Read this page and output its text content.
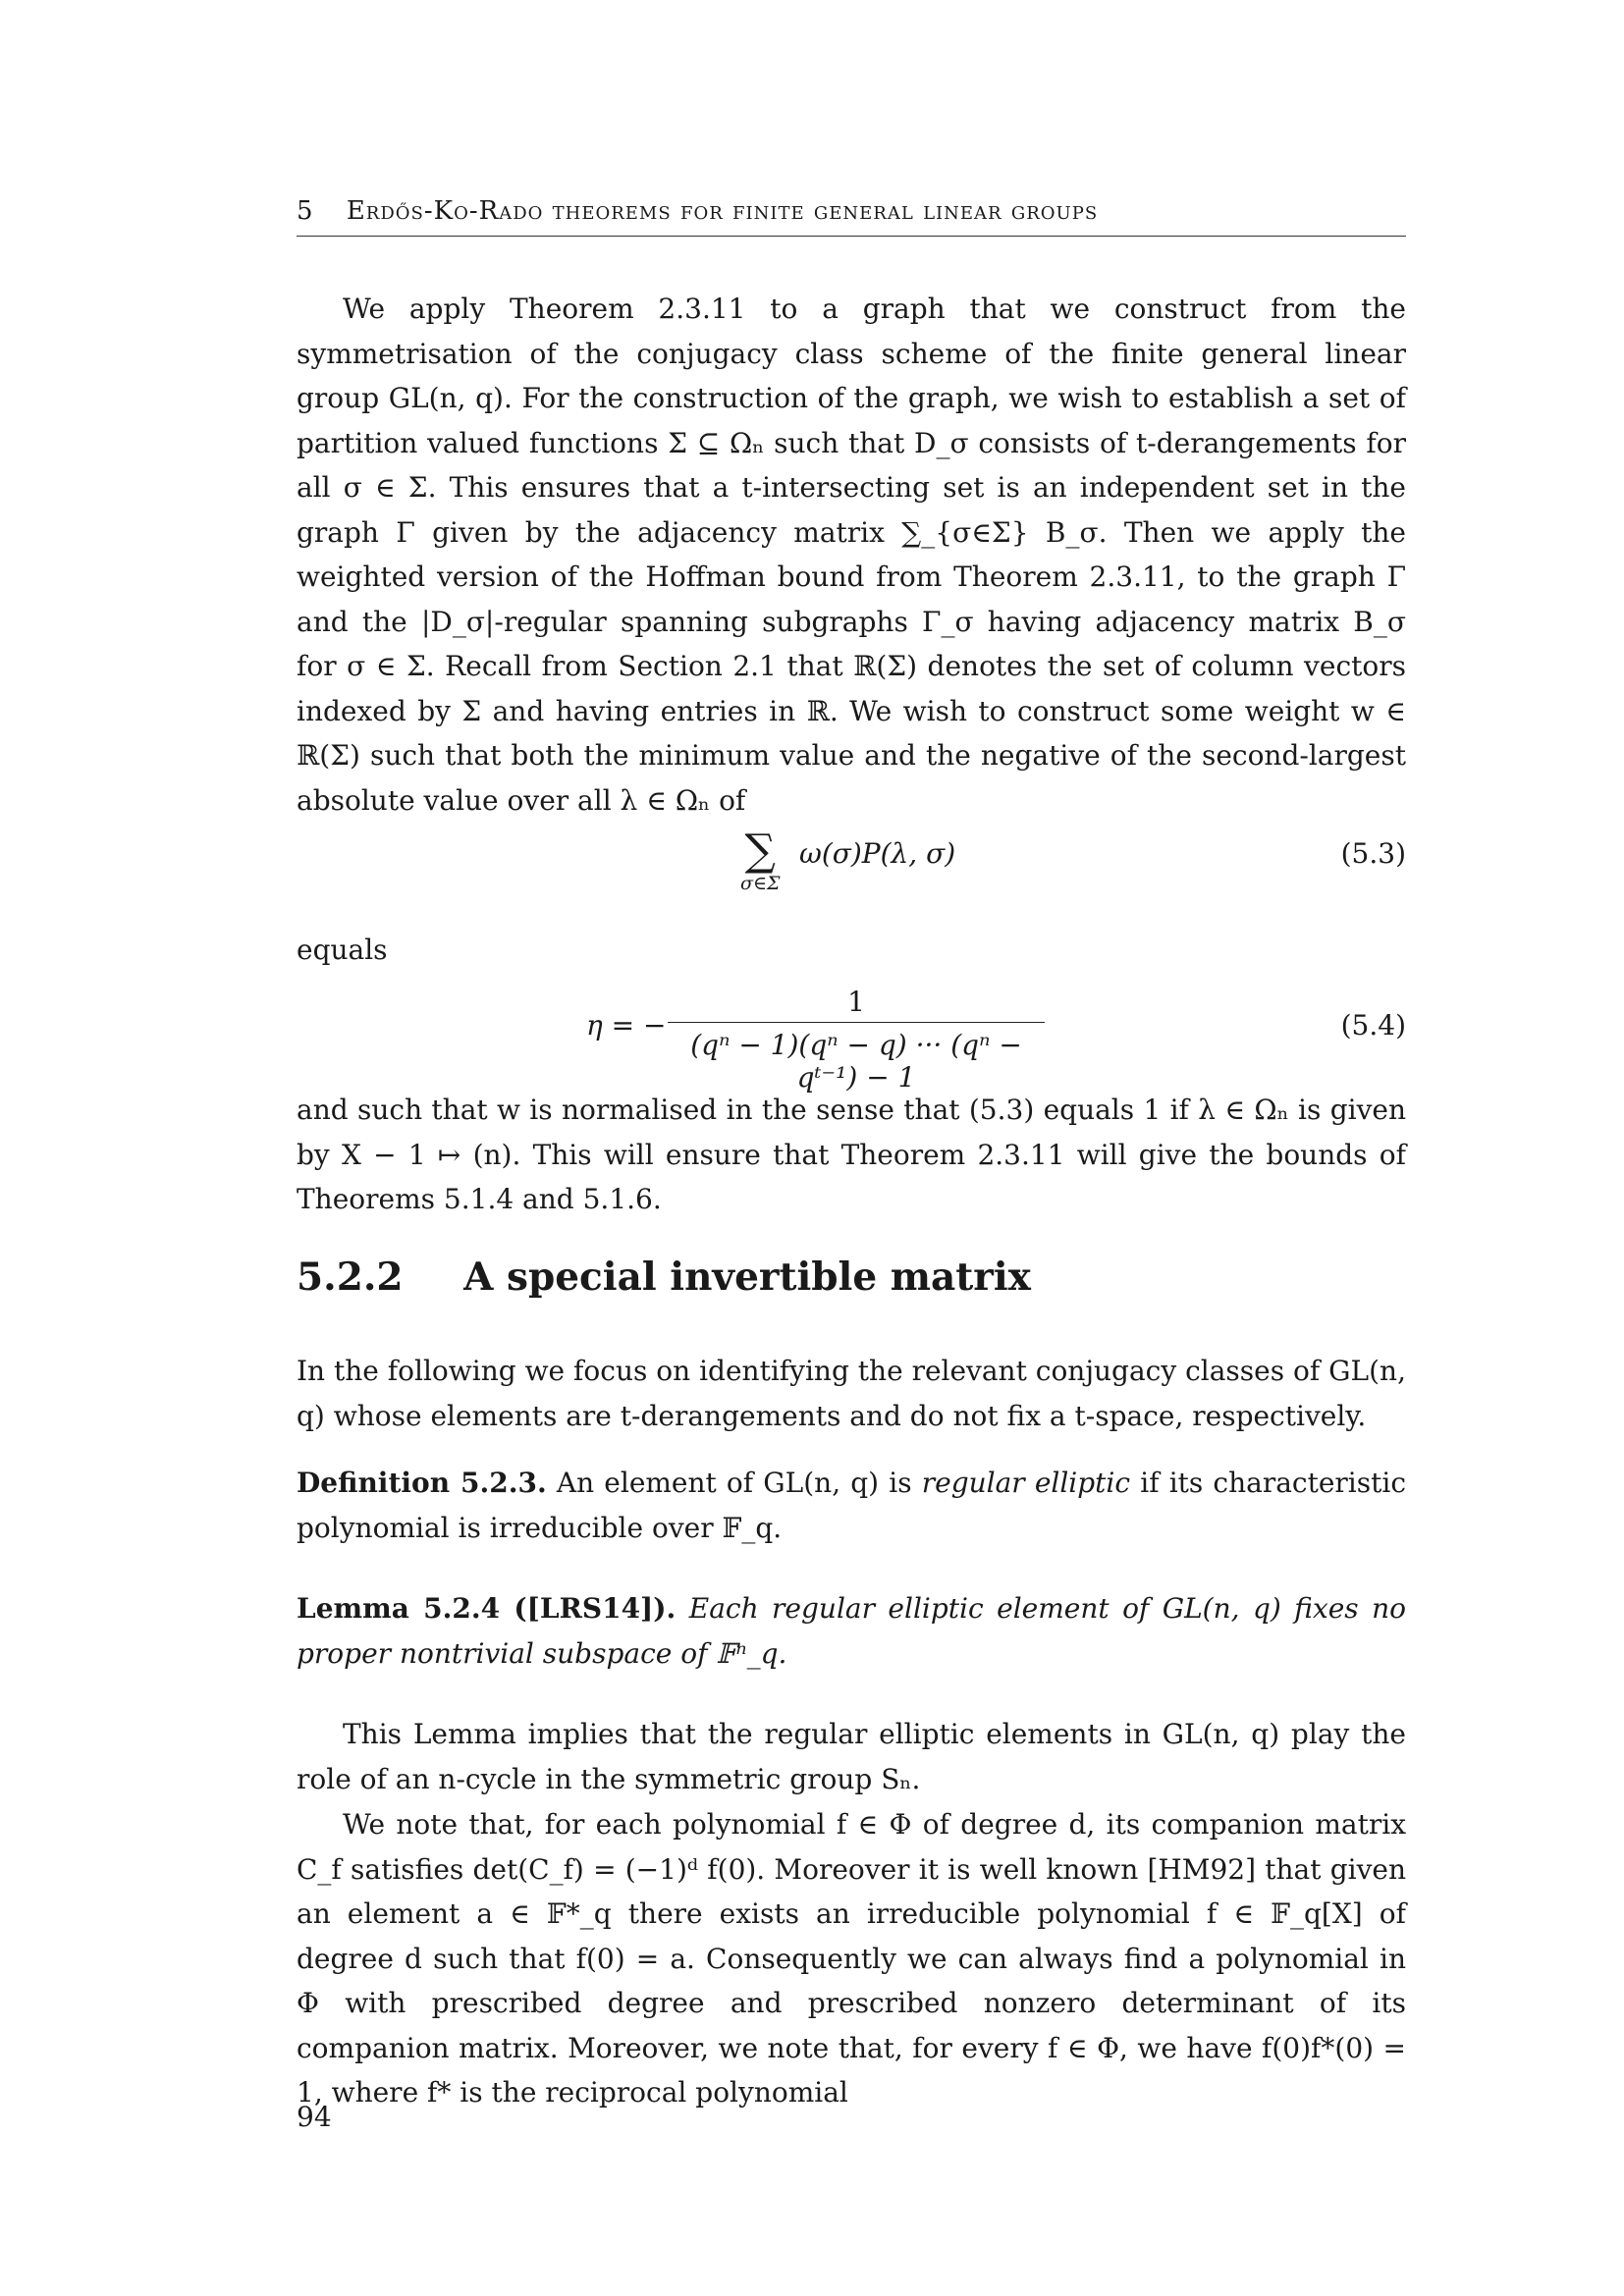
5 Erdős-Ko-Rado theorems for finite general linear groups

We apply Theorem 2.3.11 to a graph that we construct from the symmetrisation of the conjugacy class scheme of the finite general linear group GL(n, q). For the construction of the graph, we wish to establish a set of partition valued functions Σ ⊆ Ωₙ such that D_σ consists of t-derangements for all σ ∈ Σ. This ensures that a t-intersecting set is an independent set in the graph Γ given by the adjacency matrix ∑_{σ∈Σ} B_σ. Then we apply the weighted version of the Hoffman bound from Theorem 2.3.11, to the graph Γ and the |D_σ|-regular spanning subgraphs Γ_σ having adjacency matrix B_σ for σ ∈ Σ. Recall from Section 2.1 that ℝ(Σ) denotes the set of column vectors indexed by Σ and having entries in ℝ. We wish to construct some weight w ∈ ℝ(Σ) such that both the minimum value and the negative of the second-largest absolute value over all λ ∈ Ωₙ of

∑
σ∈Σ
ω(σ)P(λ, σ)	(5.3)

equals

η = − $\frac{1}{\text{(qⁿ − 1)(qⁿ − q) ··· (qⁿ − qᵗ⁻¹) − 1}}$	(5.4)

and such that w is normalised in the sense that (5.3) equals 1 if λ ∈ Ωₙ is given by X − 1 ↦ (n). This will ensure that Theorem 2.3.11 will give the bounds of Theorems 5.1.4 and 5.1.6.

5.2.2 A special invertible matrix

In the following we focus on identifying the relevant conjugacy classes of GL(n, q) whose elements are t-derangements and do not fix a t-space, respectively.

Definition 5.2.3. An element of GL(n, q) is regular elliptic if its characteristic polynomial is irreducible over 𝔽_q.

Lemma 5.2.4 ([LRS14]). Each regular elliptic element of GL(n, q) fixes no proper nontrivial subspace of 𝔽ⁿ_q.

This Lemma implies that the regular elliptic elements in GL(n, q) play the role of an n-cycle in the symmetric group Sₙ.

We note that, for each polynomial f ∈ Φ of degree d, its companion matrix C_f satisfies det(C_f) = (−1)ᵈ f(0). Moreover it is well known [HM92] that given an element a ∈ 𝔽*_q there exists an irreducible polynomial f ∈ 𝔽_q[X] of degree d such that f(0) = a. Consequently we can always find a polynomial in Φ with prescribed degree and prescribed nonzero determinant of its companion matrix. Moreover, we note that, for every f ∈ Φ, we have f(0)f*(0) = 1, where f* is the reciprocal polynomial

94
